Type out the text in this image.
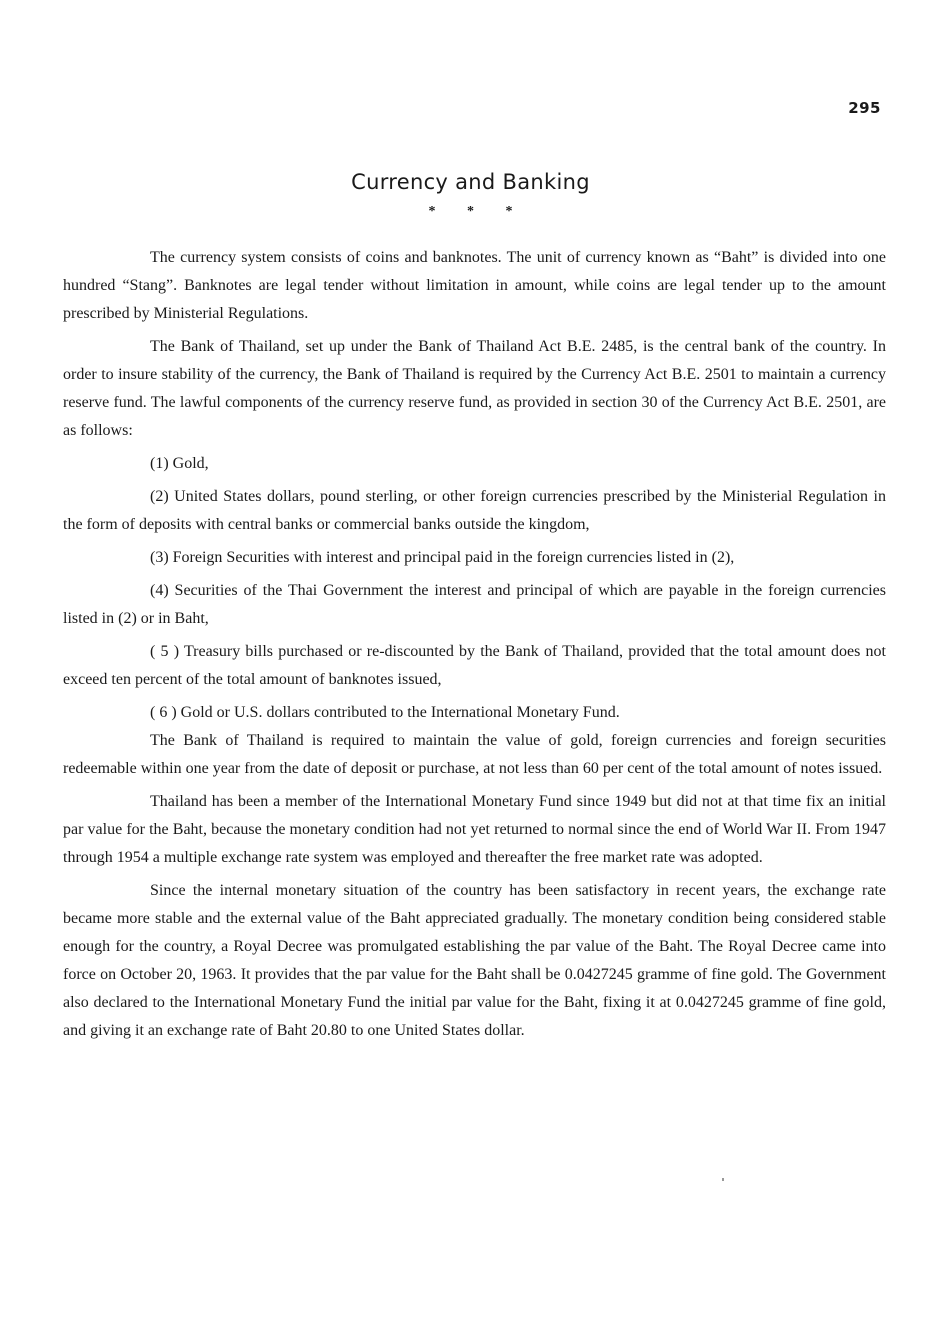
295
Currency and Banking
* * *

The currency system consists of coins and banknotes. The unit of currency known as “Baht” is divided into one hundred “Stang”. Banknotes are legal tender without limitation in amount, while coins are legal tender up to the amount prescribed by Ministerial Regulations.

The Bank of Thailand, set up under the Bank of Thailand Act B.E. 2485, is the central bank of the country. In order to insure stability of the currency, the Bank of Thailand is required by the Currency Act B.E. 2501 to maintain a currency reserve fund. The lawful components of the currency reserve fund, as provided in section 30 of the Currency Act B.E. 2501, are as follows:

(1) Gold,

(2) United States dollars, pound sterling, or other foreign currencies prescribed by the Ministerial Regulation in the form of deposits with central banks or commercial banks outside the kingdom,

(3) Foreign Securities with interest and principal paid in the foreign currencies listed in (2),

(4) Securities of the Thai Government the interest and principal of which are payable in the foreign currencies listed in (2) or in Baht,

( 5 ) Treasury bills purchased or re-discounted by the Bank of Thailand, provided that the total amount does not exceed ten percent of the total amount of banknotes issued,

( 6 ) Gold or U.S. dollars contributed to the International Monetary Fund.

The Bank of Thailand is required to maintain the value of gold, foreign currencies and foreign securities redeemable within one year from the date of deposit or purchase, at not less than 60 per cent of the total amount of notes issued.

Thailand has been a member of the International Monetary Fund since 1949 but did not at that time fix an initial par value for the Baht, because the monetary condition had not yet returned to normal since the end of World War II. From 1947 through 1954 a multiple exchange rate system was employed and thereafter the free market rate was adopted.

Since the internal monetary situation of the country has been satisfactory in recent years, the exchange rate became more stable and the external value of the Baht appreciated gradually. The monetary condition being considered stable enough for the country, a Royal Decree was promulgated establishing the par value of the Baht. The Royal Decree came into force on October 20, 1963. It provides that the par value for the Baht shall be 0.0427245 gramme of fine gold. The Government also declared to the International Monetary Fund the initial par value for the Baht, fixing it at 0.0427245 gramme of fine gold, and giving it an exchange rate of Baht 20.80 to one United States dollar.
